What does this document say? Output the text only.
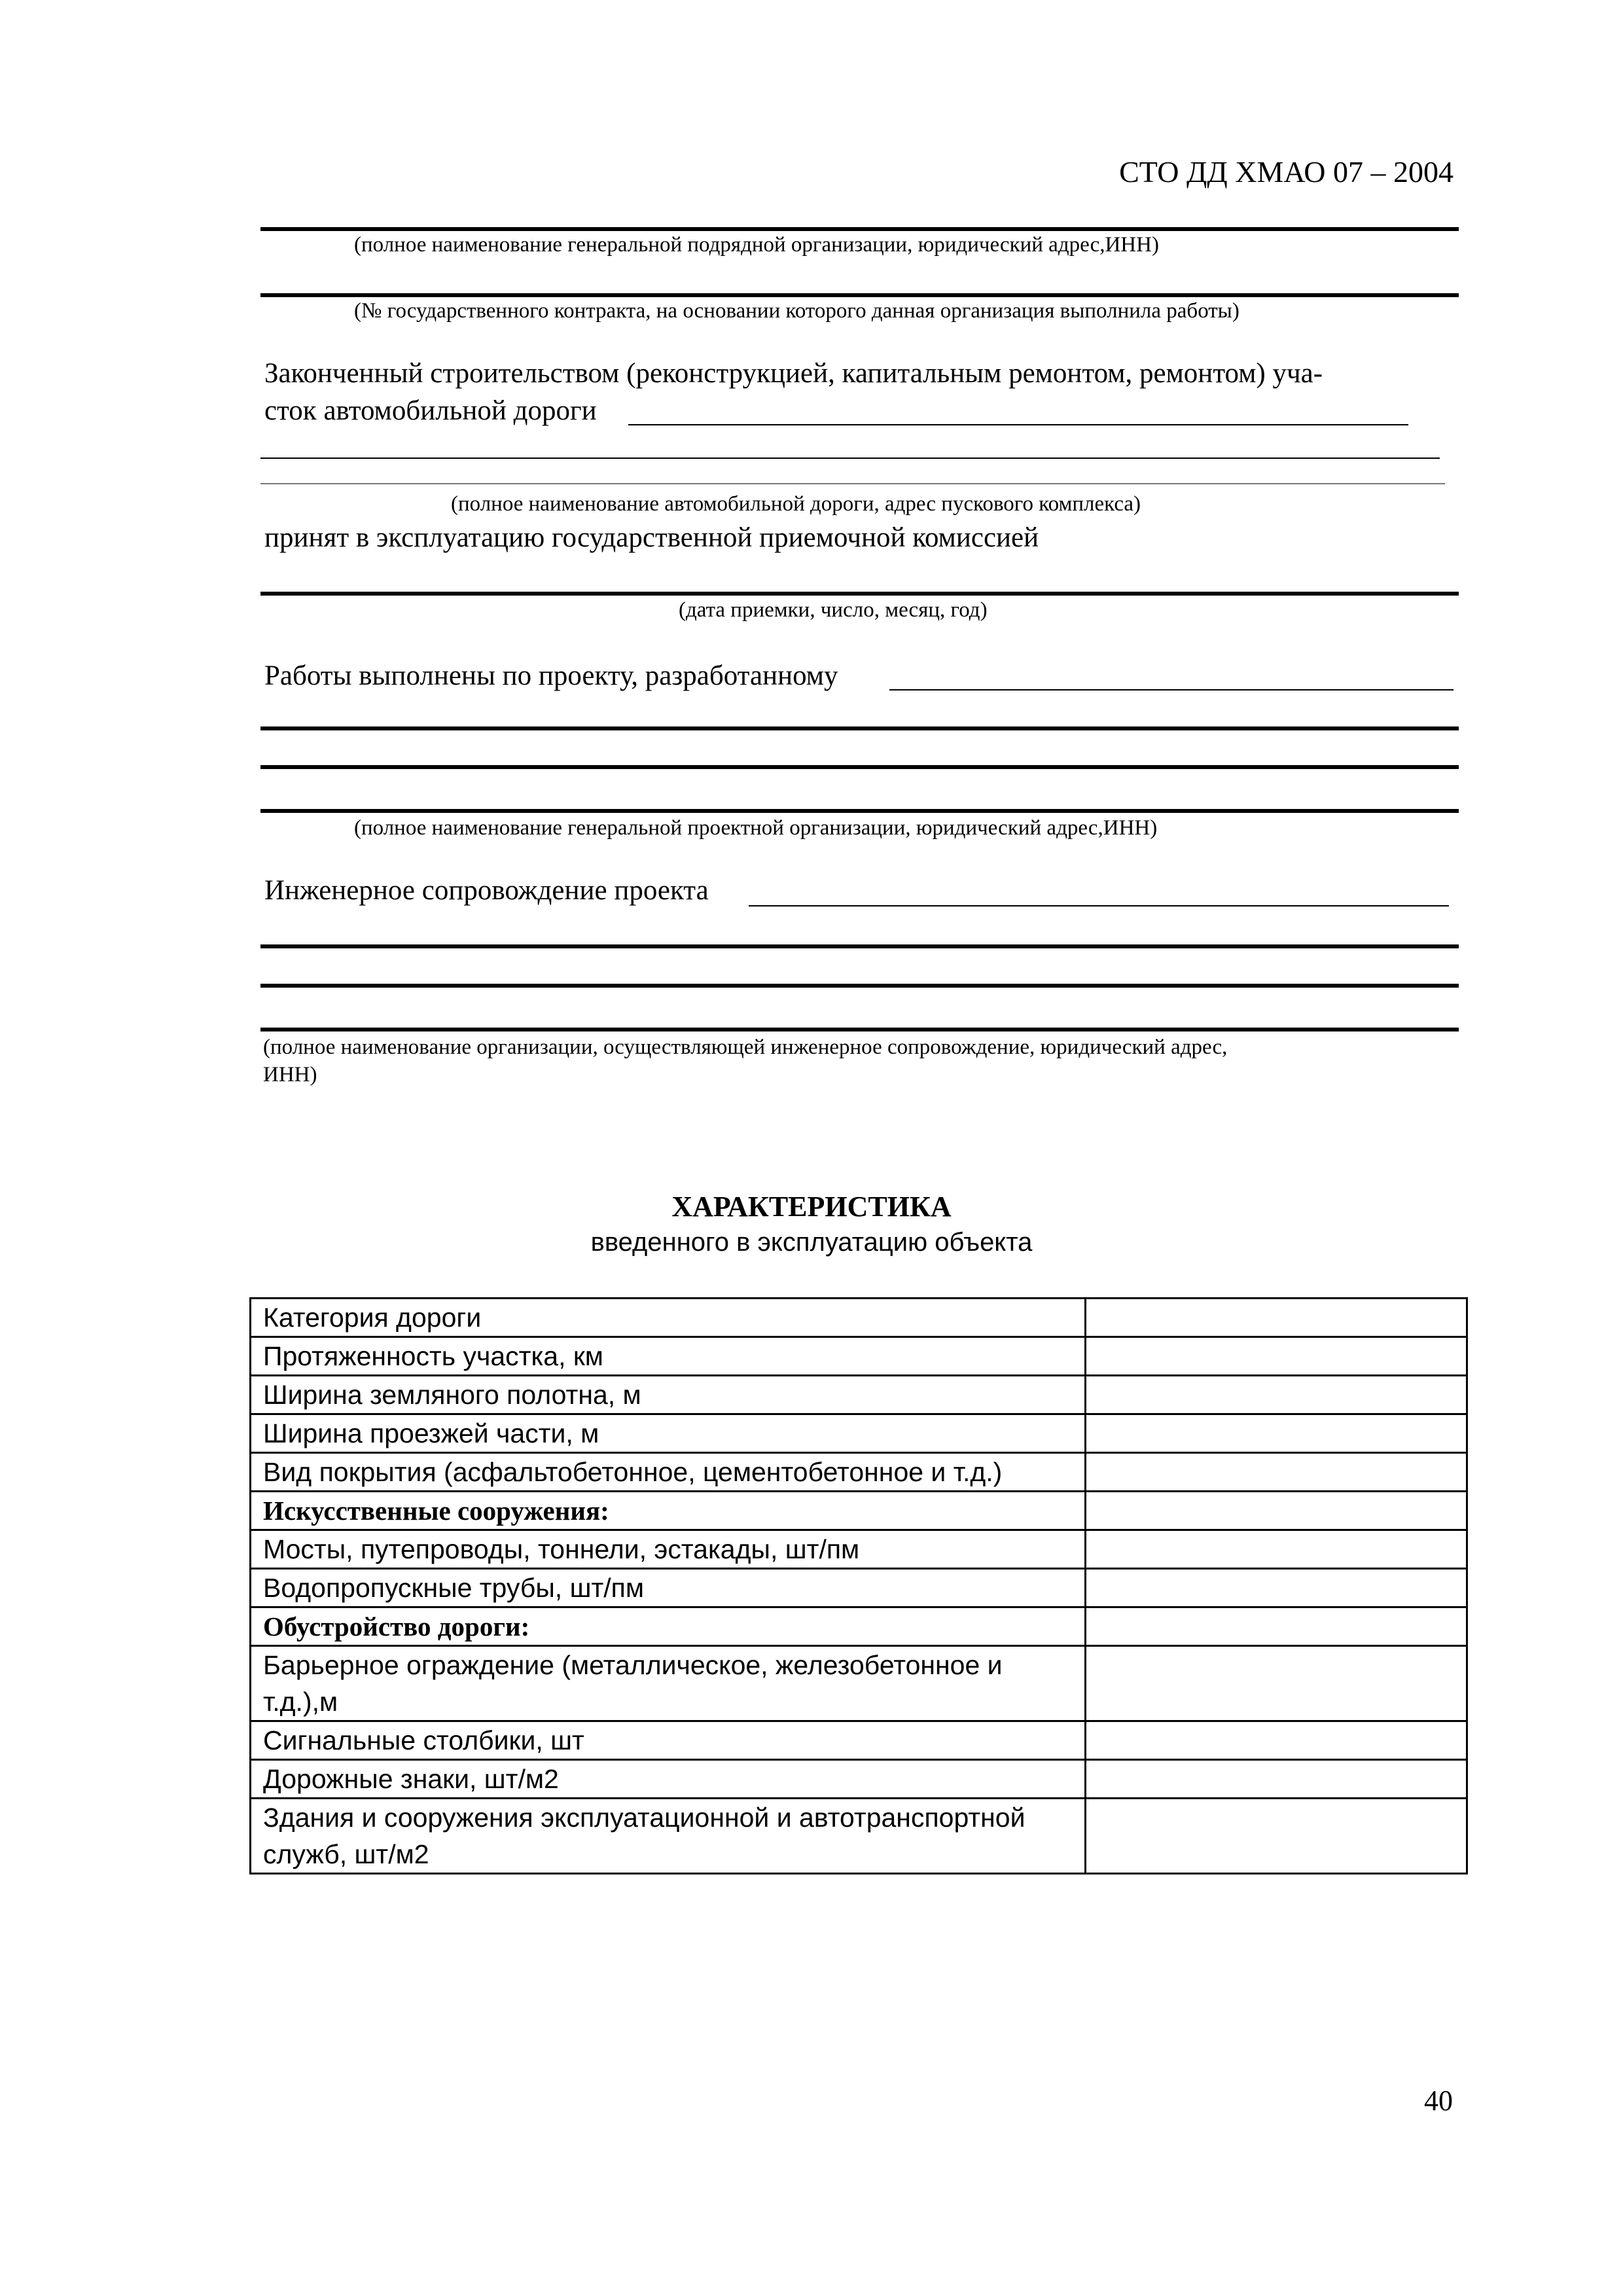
СТО ДД ХМАО 07 – 2004
(полное наименование генеральной подрядной организации, юридический адрес,ИНН)
(№ государственного контракта, на основании которого данная организация выполнила работы)
Законченный строительством (реконструкцией, капитальным ремонтом, ремонтом) уча-
сток автомобильной дороги
(полное наименование автомобильной дороги, адрес пускового комплекса)
принят в эксплуатацию государственной приемочной комиссией
(дата приемки, число, месяц, год)
Работы выполнены по проекту, разработанному
(полное наименование генеральной проектной организации, юридический адрес,ИНН)
Инженерное сопровождение проекта
(полное наименование организации, осуществляющей инженерное сопровождение, юридический адрес,
ИНН)
ХАРАКТЕРИСТИКА
введенного в эксплуатацию объекта
Категория дороги	
Протяженность участка, км	
Ширина земляного полотна, м	
Ширина проезжей части, м	
Вид покрытия (асфальтобетонное, цементобетонное и т.д.)	
Искусственные сооружения:	
Мосты, путепроводы, тоннели, эстакады, шт/пм	
Водопропускные трубы, шт/пм	
Обустройство дороги:	
Барьерное ограждение (металлическое, железобетонное и т.д.),м	
Сигнальные столбики, шт	
Дорожные знаки, шт/м2	
Здания и сооружения эксплуатационной и автотранспортной служб, шт/м2	
40
